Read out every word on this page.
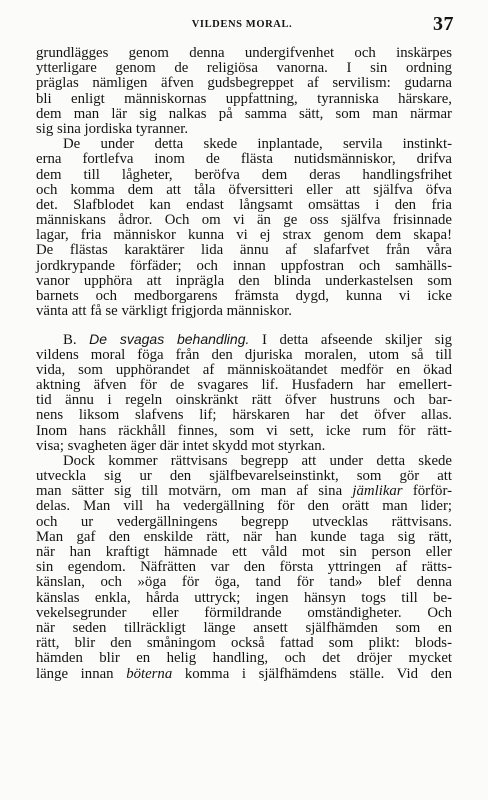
VILDENS MORAL.	37

grundlägges genom denna undergifvenhet och inskärpes
ytterligare genom de religiösa vanorna. I sin ordning
präglas nämligen äfven gudsbegreppet af servilism: gudarna
bli enligt människornas uppfattning, tyranniska härskare,
dem man lär sig nalkas på samma sätt, som man närmar
sig sina jordiska tyranner.

De under detta skede inplantade, servila instinkt-
erna fortlefva inom de flästa nutidsmänniskor, drifva
dem till lågheter, beröfva dem deras handlingsfrihet
och komma dem att tåla öfversitteri eller att själfva öfva
det. Slafblodet kan endast långsamt omsättas i den fria
människans ådror. Och om vi än ge oss själfva frisinnade
lagar, fria människor kunna vi ej strax genom dem skapa!
De flästas karaktärer lida ännu af slafarfvet från våra
jordkrypande förfäder; och innan uppfostran och samhälls-
vanor upphöra att inprägla den blinda underkastelsen som
barnets och medborgarens främsta dygd, kunna vi icke
vänta att få se värkligt frigjorda människor.

B. De svagas behandling. I detta afseende skiljer sig
vildens moral föga från den djuriska moralen, utom så till
vida, som upphörandet af människoätandet medför en ökad
aktning äfven för de svagares lif. Husfadern har emellert-
tid ännu i regeln oinskränkt rätt öfver hustruns och bar-
nens liksom slafvens lif; härskaren har det öfver allas.
Inom hans räckhåll finnes, som vi sett, icke rum för rätt-
visa; svagheten äger där intet skydd mot styrkan.

Dock kommer rättvisans begrepp att under detta skede
utveckla sig ur den själfbevarelseinstinkt, som gör att
man sätter sig till motvärn, om man af sina jämlikar förför-
delas. Man vill ha vedergällning för den orätt man lider;
och ur vedergällningens begrepp utvecklas rättvisans.
Man gaf den enskilde rätt, när han kunde taga sig rätt,
när han kraftigt hämnade ett våld mot sin person eller
sin egendom. Näfrätten var den första yttringen af rätts-
känslan, och »öga för öga, tand för tand» blef denna
känslas enkla, hårda uttryck; ingen hänsyn togs till be-
vekelsegrunder eller förmildrande omständigheter. Och
när seden tillräckligt länge ansett själfhämden som en
rätt, blir den småningom också fattad som plikt: blods-
hämden blir en helig handling, och det dröjer mycket
länge innan böterna komma i själfhämdens ställe. Vid den
